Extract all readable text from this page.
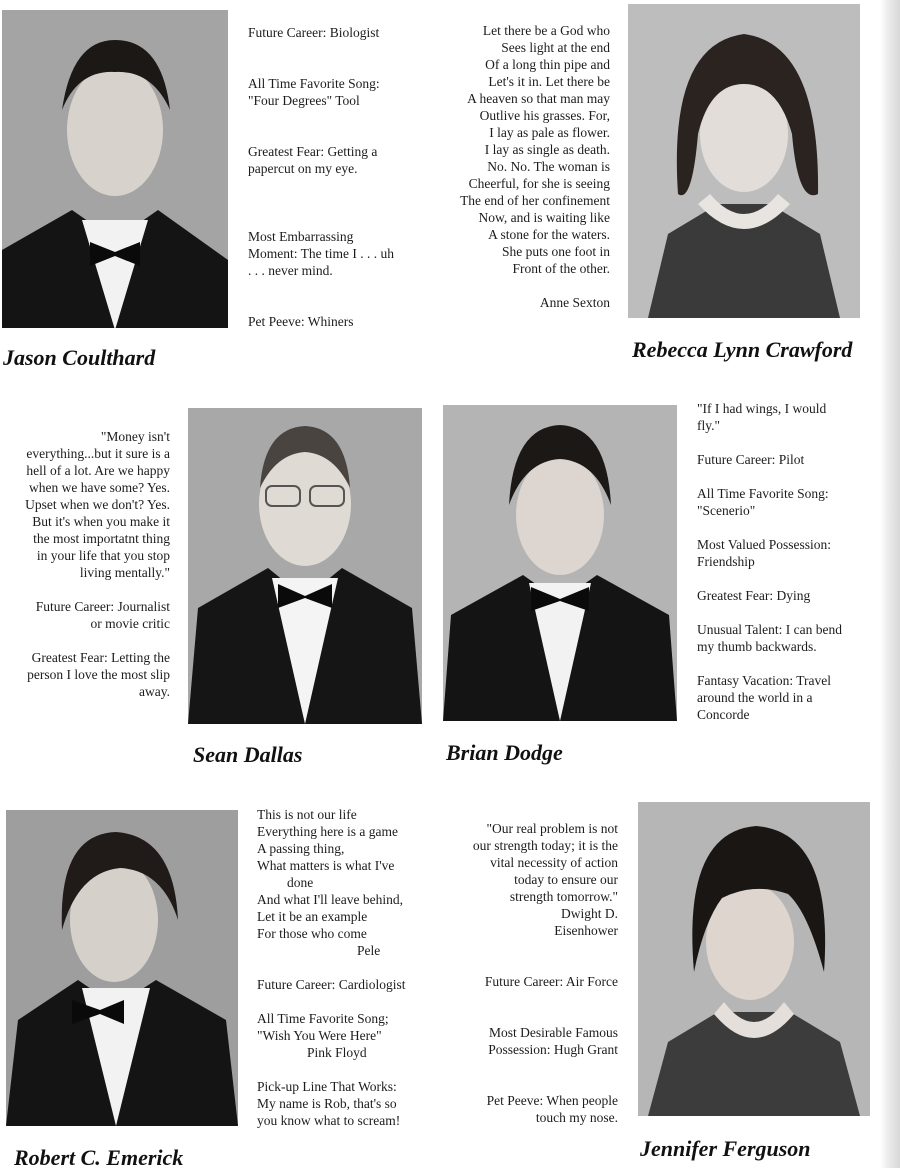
Jason Coulthard
Future Career: Biologist
All Time Favorite Song:
"Four Degrees" Tool
Greatest Fear: Getting a
papercut on my eye.
Most Embarrassing
Moment: The time I . . . uh
. . . never mind.
Pet Peeve: Whiners
Let there be a God who
Sees light at the end
Of a long thin pipe and
Let's it in. Let there be
A heaven so that man may
Outlive his grasses. For,
I lay as pale as flower.
I lay as single as death.
No. No. The woman is
Cheerful, for she is seeing
The end of her confinement
Now, and is waiting like
A stone for the waters.
She puts one foot in
Front of the other.
Anne Sexton
Rebecca Lynn Crawford
"Money isn't
everything...but it sure is a
hell of a lot. Are we happy
when we have some? Yes.
Upset when we don't? Yes.
But it's when you make it
the most importatnt thing
in your life that you stop
living mentally."
Future Career: Journalist
or movie critic
Greatest Fear: Letting the
person I love the most slip
away.
Sean Dallas	Brian Dodge
"If I had wings, I would
fly."
Future Career: Pilot
All Time Favorite Song:
"Scenerio"
Most Valued Possession:
Friendship
Greatest Fear: Dying
Unusual Talent: I can bend
my thumb backwards.
Fantasy Vacation: Travel
around the world in a
Concorde
Robert C. Emerick
This is not our life
Everything here is a game
A passing thing,
What matters is what I've
done
And what I'll leave behind,
Let it be an example
For those who come
Pele
Future Career: Cardiologist
All Time Favorite Song;
"Wish You Were Here"
Pink Floyd
Pick-up Line That Works:
My name is Rob, that's so
you know what to scream!
"Our real problem is not
our strength today; it is the
vital necessity of action
today to ensure our
strength tomorrow."
Dwight D.
Eisenhower
Future Career: Air Force
Most Desirable Famous
Possession: Hugh Grant
Pet Peeve: When people
touch my nose.
Jennifer Ferguson
